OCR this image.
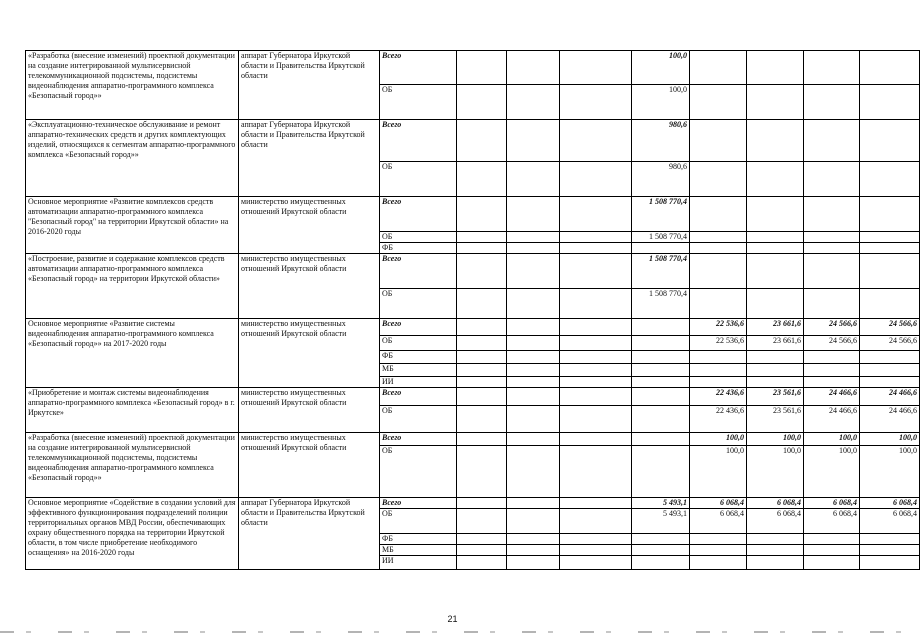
«Разработка (внесение изменений) проектной документации на создание интегрированной мультисервисной телекоммуникационной подсистемы, подсистемы видеонаблюдения аппаратно-программного комплекса «Безопасный город»»	аппарат Губернатора Иркутской области и Правительства Иркутской области	Всего				100,0				
		ОБ				100,0				
«Эксплуатационно-техническое обслуживание и ремонт аппаратно-технических средств и других комплектующих изделий, относящихся к сегментам аппаратно-программного комплекса «Безопасный город»»	аппарат Губернатора Иркутской области и Правительства Иркутской области	Всего				980,6				
		ОБ				980,6				
Основное мероприятие «Развитие комплексов средств автоматизации аппаратно-программного комплекса "Безопасный город" на территории Иркутской области» на 2016-2020 годы	министерство имущественных отношений Иркутской области	Всего				1 508 770,4				
		ОБ				1 508 770,4				
		ФБ								
«Построение, развитие и содержание комплексов средств автоматизации аппаратно-программного комплекса «Безопасный город» на территории Иркутской области»	министерство имущественных отношений Иркутской области	Всего				1 508 770,4				
		ОБ				1 508 770,4				
Основное мероприятие «Развитие системы видеонаблюдения аппаратно-программного комплекса «Безопасный город»» на 2017-2020 годы	министерство имущественных отношений Иркутской области	Всего					22 536,6	23 661,6	24 566,6	24 566,6
		ОБ					22 536,6	23 661,6	24 566,6	24 566,6
		ФБ								
		МБ								
		ИИ								
«Приобретение и монтаж системы видеонаблюдения аппаратно-программного комплекса «Безопасный город» в г. Иркутске»	министерство имущественных отношений Иркутской области	Всего					22 436,6	23 561,6	24 466,6	24 466,6
		ОБ					22 436,6	23 561,6	24 466,6	24 466,6
«Разработка (внесение изменений) проектной документации на создание интегрированной мультисервисной телекоммуникационной подсистемы, подсистемы видеонаблюдения аппаратно-программного комплекса «Безопасный город»»	министерство имущественных отношений Иркутской области	Всего					100,0	100,0	100,0	100,0
		ОБ					100,0	100,0	100,0	100,0
Основное мероприятие «Содействие в создании условий для эффективного функционирования подразделений полиции территориальных органов МВД России, обеспечивающих охрану общественного порядка на территории Иркутской области, в том числе приобретение необходимого оснащения» на 2016-2020 годы	аппарат Губернатора Иркутской области и Правительства Иркутской области	Всего				5 493,1	6 068,4	6 068,4	6 068,4	6 068,4
		ОБ				5 493,1	6 068,4	6 068,4	6 068,4	6 068,4
		ФБ								
		МБ								
		ИИ								
21
